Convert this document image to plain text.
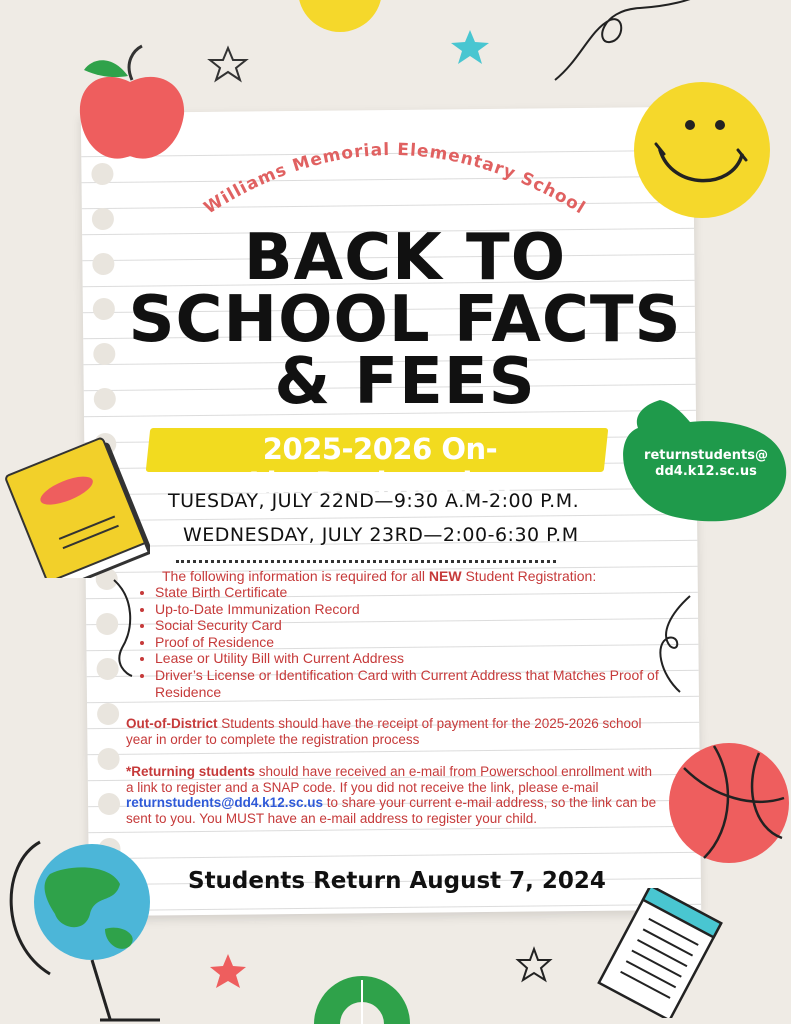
Williams Memorial Elementary School
BACK TO
SCHOOL FACTS
& FEES
2025-2026 On-LineRegistration
TUESDAY, JULY 22ND—9:30 A.M-2:00 P.M.
WEDNESDAY, JULY 23RD—2:00-6:30 P.M
returnstudents@ dd4.k12.sc.us
The following information is required for all NEW Student Registration:
• State Birth Certificate
• Up-to-Date Immunization Record
• Social Security Card
• Proof of Residence
• Lease or Utility Bill with Current Address
• Driver’s License or Identification Card with Current Address that Matches Proof of Residence
Out-of-District Students should have the receipt of payment for the 2025-2026 school year in order to complete the registration process
*Returning students should have received an e-mail from Powerschool enrollment with a link to register and a SNAP code. If you did not receive the link, please e-mail returnstudents@dd4.k12.sc.us to share your current e-mail address, so the link can be sent to you. You MUST have an e-mail address to register your child.
Students Return August 7, 2024
